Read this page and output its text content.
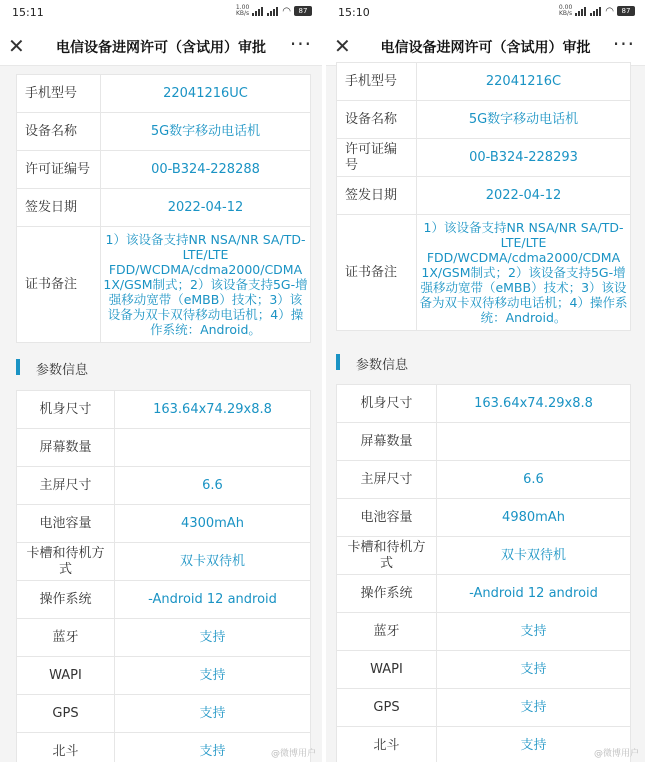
15:11	1.00
KB/s	◠	87
✕	电信设备进网许可（含试用）审批	···
手机型号	22041216UC
设备名称	5G数字移动电话机
许可证编号	00-B324-228288
签发日期	2022-04-12
证书备注	1）该设备支持NR NSA/NR SA/TD-LTE/LTE FDD/WCDMA/cdma2000/CDMA 1X/GSM制式；2）该设备支持5G-增强移动宽带（eMBB）技术；3）该设备为双卡双待移动电话机；4）操作系统：Android。
参数信息
机身尺寸	163.64x74.29x8.8
屏幕数量	
主屏尺寸	6.6
电池容量	4300mAh
卡槽和待机方式	双卡双待机
操作系统	-Android 12 android
蓝牙	支持
WAPI	支持
GPS	支持
北斗	支持	@微博用户
15:10	0.00
KB/s	◠	87
✕	电信设备进网许可（含试用）审批	···
手机型号	22041216C
设备名称	5G数字移动电话机
许可证编号	00-B324-228293
签发日期	2022-04-12
证书备注	1）该设备支持NR NSA/NR SA/TD-LTE/LTE FDD/WCDMA/cdma2000/CDMA 1X/GSM制式；2）该设备支持5G-增强移动宽带（eMBB）技术；3）该设备为双卡双待移动电话机；4）操作系统：Android。
参数信息
机身尺寸	163.64x74.29x8.8
屏幕数量	
主屏尺寸	6.6
电池容量	4980mAh
卡槽和待机方式	双卡双待机
操作系统	-Android 12 android
蓝牙	支持
WAPI	支持
GPS	支持
北斗	支持
@微博用户
